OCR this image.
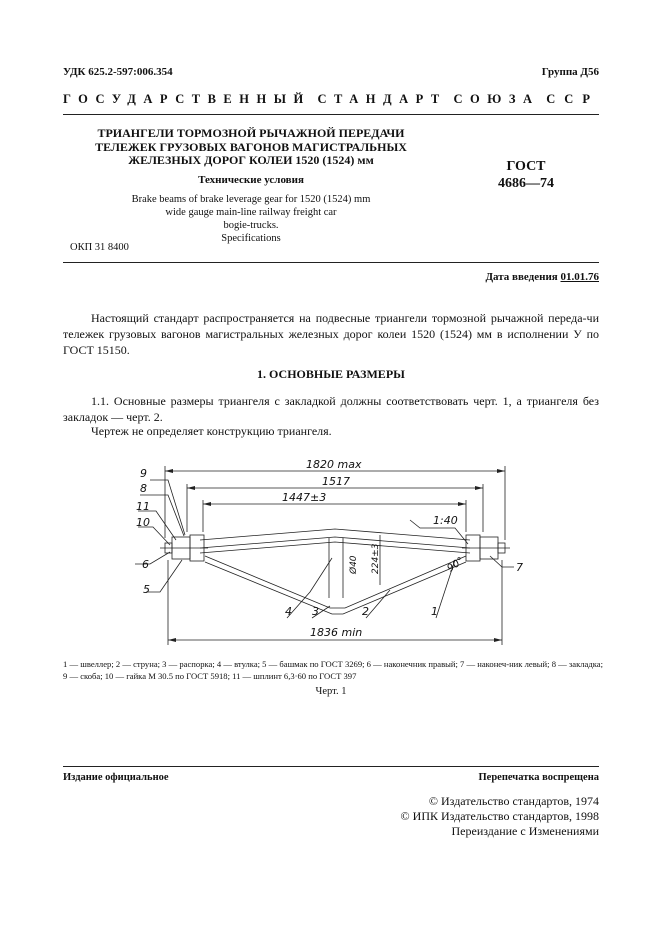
УДК 625.2-597:006.354	Группа Д56
ГОСУДАРСТВЕННЫЙ СТАНДАРТ СОЮЗА ССР
ТРИАНГЕЛИ ТОРМОЗНОЙ РЫЧАЖНОЙ ПЕРЕДАЧИ
ТЕЛЕЖЕК ГРУЗОВЫХ ВАГОНОВ МАГИСТРАЛЬНЫХ
ЖЕЛЕЗНЫХ ДОРОГ КОЛЕИ 1520 (1524) мм
Технические условия
Brake beams of brake leverage gear for 1520 (1524) mm
wide gauge main-line railway freight car
bogie-trucks.
Specifications
ГОСТ
4686—74
ОКП 31 8400
Дата введения 01.01.76
Настоящий стандарт распространяется на подвесные триангели тормозной рычажной переда-чи тележек грузовых вагонов магистральных железных дорог колеи 1520 (1524) мм в исполнении У по ГОСТ 15150.
1. ОСНОВНЫЕ РАЗМЕРЫ
1.1. Основные размеры триангеля с закладкой должны соответствовать черт. 1, а триангеля без закладок — черт. 2.
Чертеж не определяет конструкцию триангеля.
1820 max
1517
1447±3
1836 min
1:40
Ø40 224±3	90°
1
2
3
4
5
6	7
8
9
10
11
1 — швеллер; 2 — струна; 3 — распорка; 4 — втулка; 5 — башмак по ГОСТ 3269; 6 — наконечник правый; 7 — наконеч-ник левый; 8 — закладка; 9 — скоба; 10 — гайка М 30.5 по ГОСТ 5918; 11 — шплинт 6,3·60 по ГОСТ 397
Черт. 1
Издание официальное	Перепечатка воспрещена
© Издательство стандартов, 1974
© ИПК Издательство стандартов, 1998
Переиздание с Изменениями
